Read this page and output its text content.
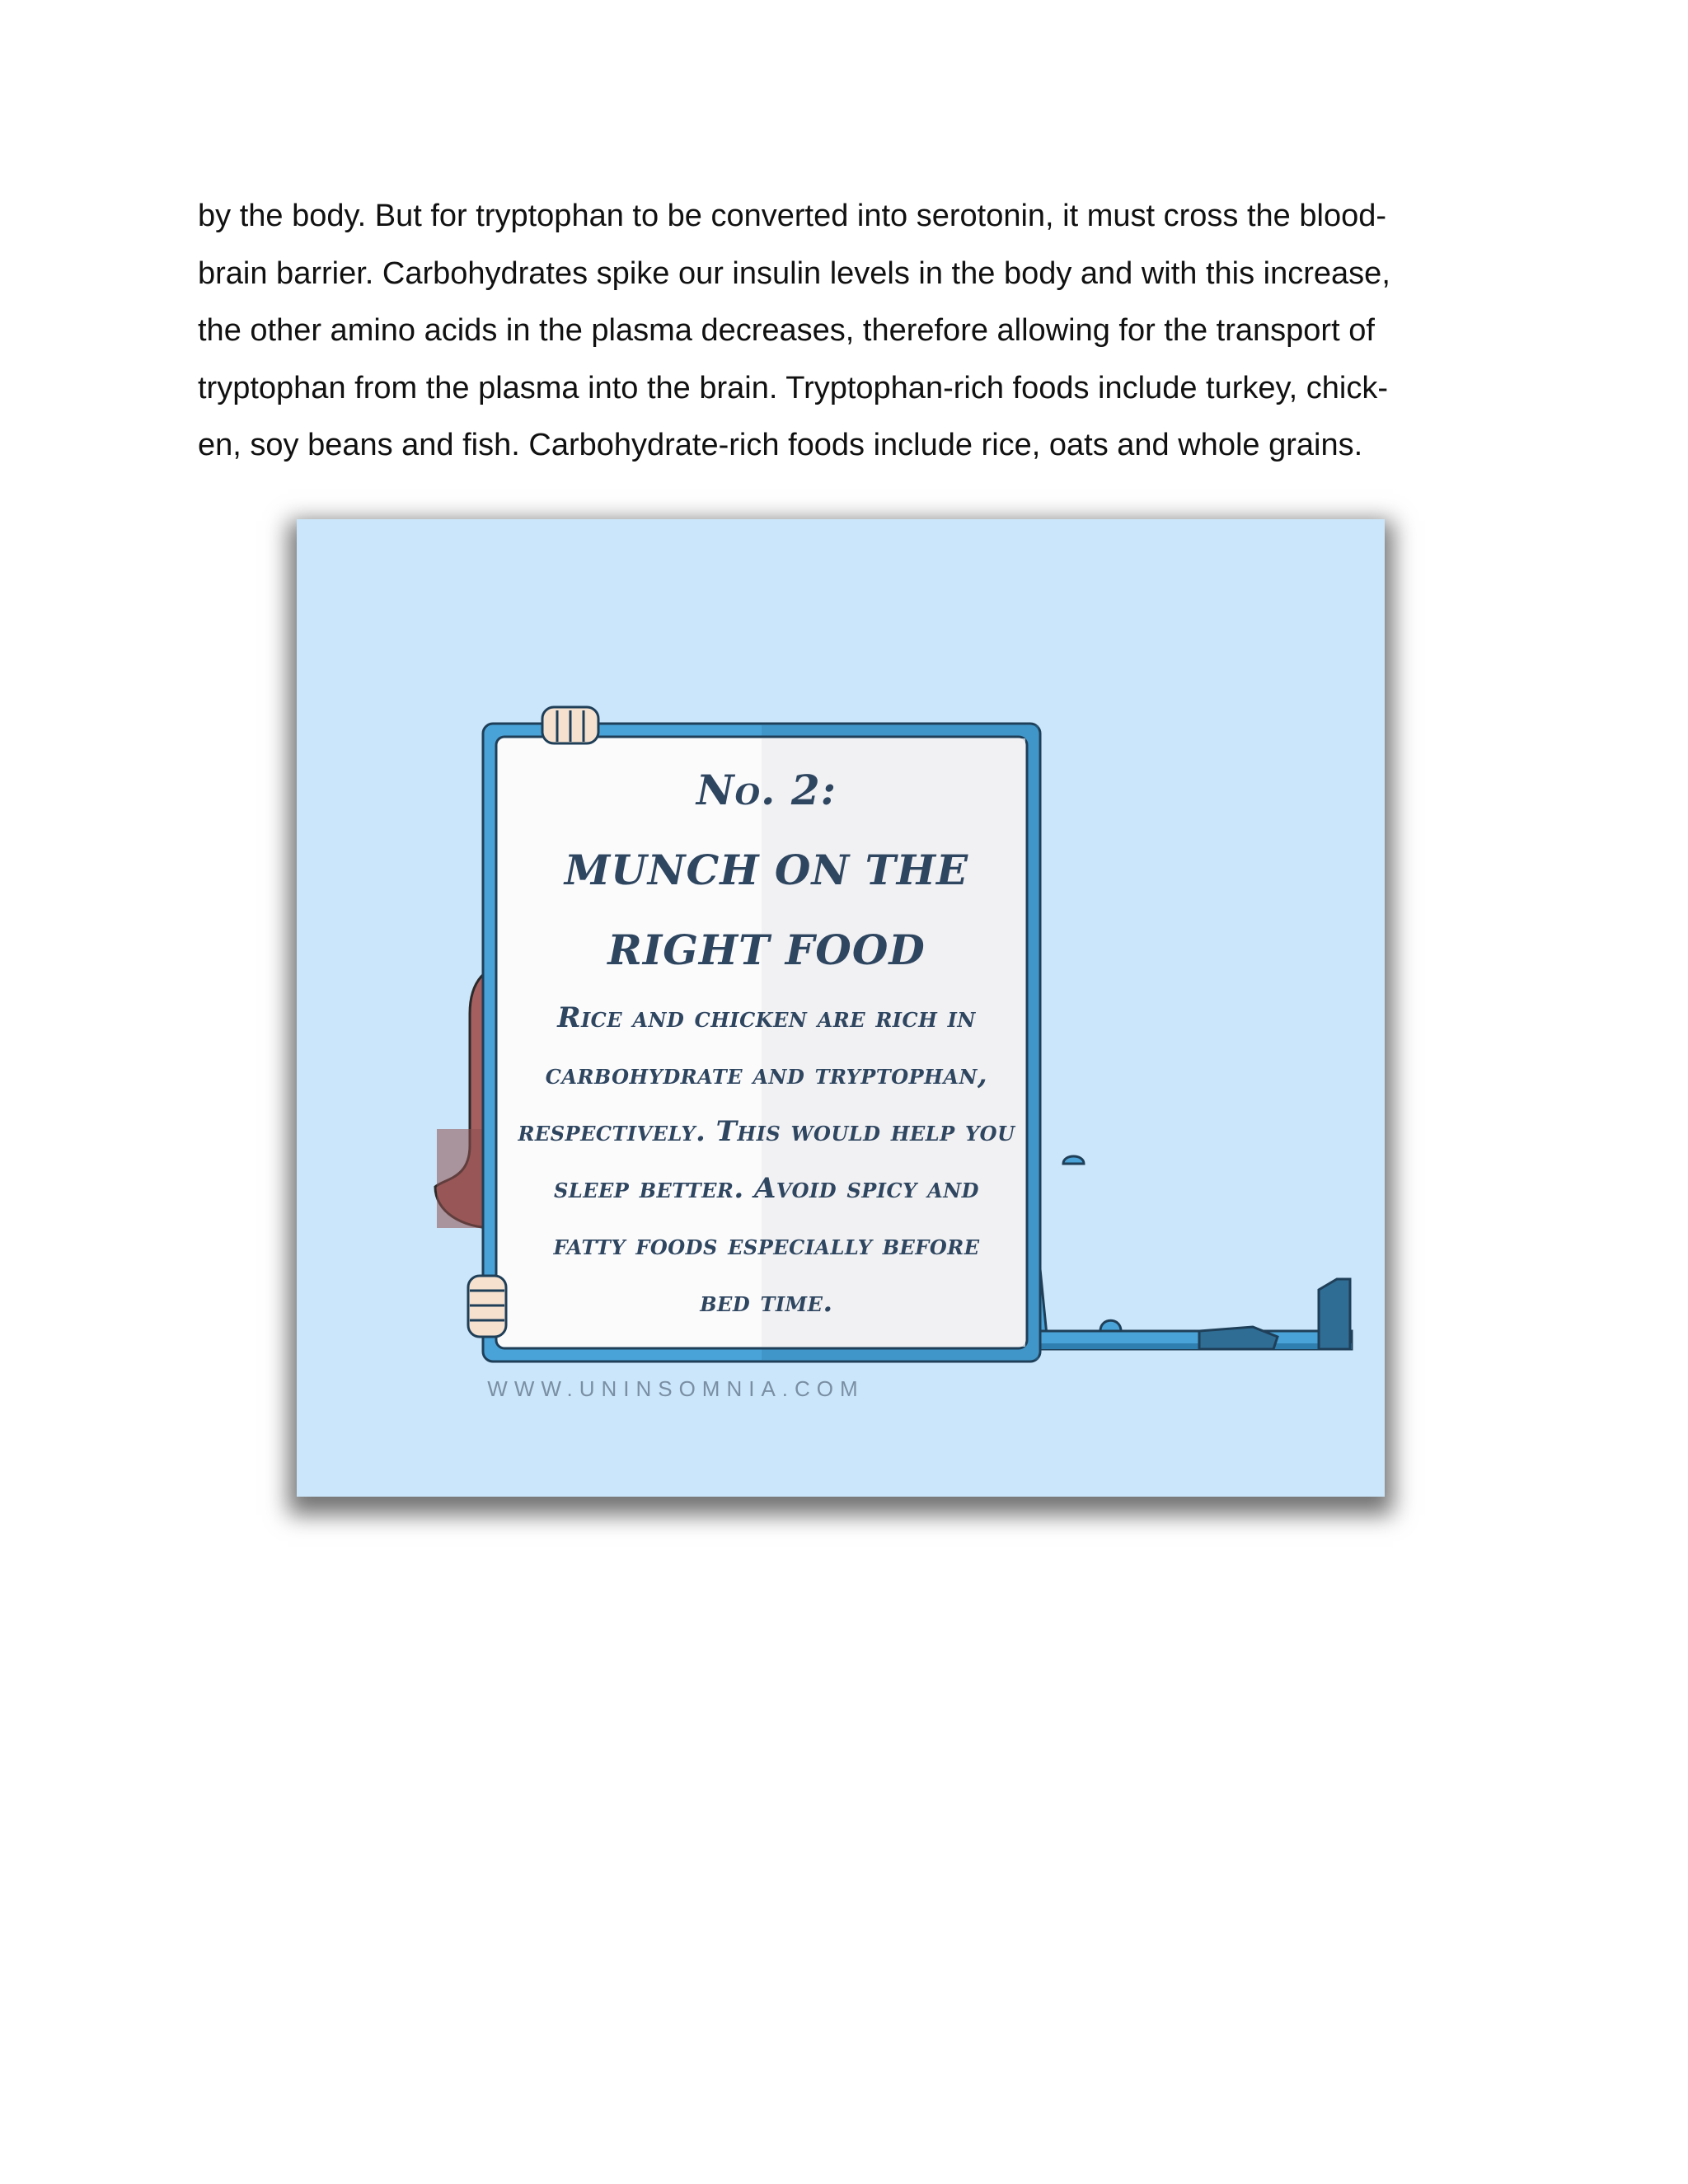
by the body. But for tryptophan to be converted into serotonin, it must cross the blood-
brain barrier. Carbohydrates spike our insulin levels in the body and with this increase,
the other amino acids in the plasma decreases, therefore allowing for the transport of
tryptophan from the plasma into the brain. Tryptophan-rich foods include turkey, chick-
en, soy beans and fish. Carbohydrate-rich foods include rice, oats and whole grains.

No. 2:
MUNCH ON THE
RIGHT FOOD
Rice and chicken are rich in
carbohydrate and tryptophan,
respectively. This would help you
sleep better. Avoid spicy and
fatty foods especially before
bed time.
WWW.UNINSOMNIA.COM
